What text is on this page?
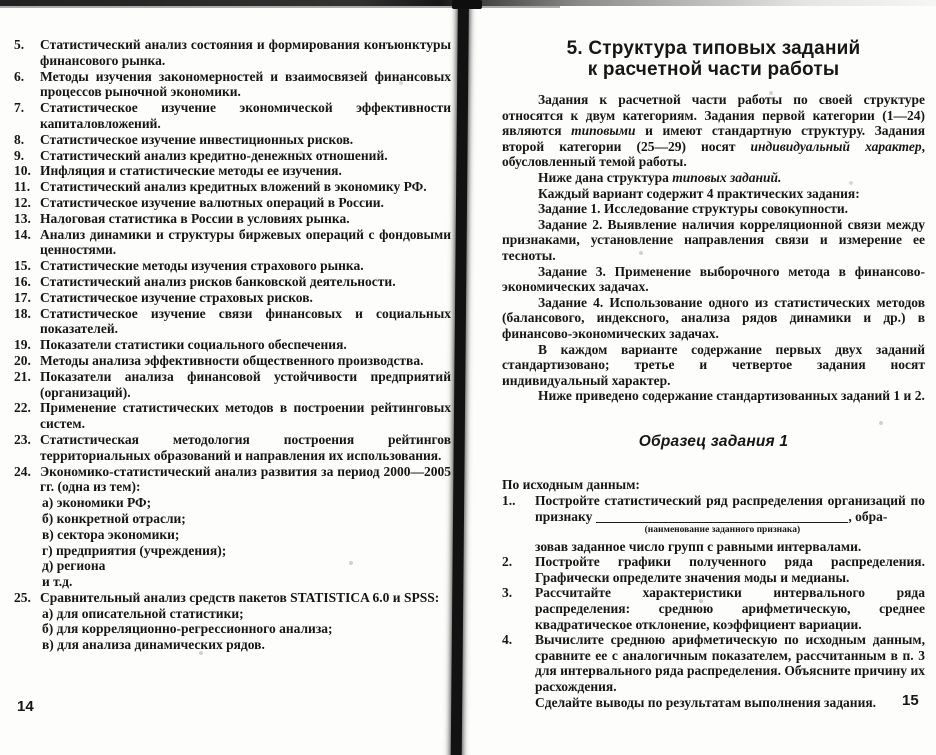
5.	Статистический анализ состояния и формирования конъюнктуры финансового рынка.
6.	Методы изучения закономерностей и взаимосвязей финансовых процессов рыночной экономики.
7.	Статистическое изучение экономической эффективности капиталовложений.
8.	Статистическое изучение инвестиционных рисков.
9.	Статистический анализ кредитно-денежных отношений.
10. Инфляция и статистические методы ее изучения.
11. Статистический анализ кредитных вложений в экономику РФ.
12. Статистическое изучение валютных операций в России.
13. Налоговая статистика в России в условиях рынка.
14. Анализ динамики и структуры биржевых операций с фондовыми ценностями.
15. Статистические методы изучения страхового рынка.
16. Статистический анализ рисков банковской деятельности.
17. Статистическое изучение страховых рисков.
18. Статистическое изучение связи финансовых и социальных показателей.
19. Показатели статистики социального обеспечения.
20. Методы анализа эффективности общественного производства.
21. Показатели анализа финансовой устойчивости предприятий (организаций).
22. Применение статистических методов в построении рейтинговых систем.
23. Статистическая методология построения рейтингов территориальных образований и направления их использования.
24. Экономико-статистический анализ развития за период 2000—2005 гг. (одна из тем):
а) экономики РФ;
б) конкретной отрасли;
в) сектора экономики;
г) предприятия (учреждения);
д) региона
и т.д.
25. Сравнительный анализ средств пакетов STATISTICA 6.0 и SPSS:
а) для описательной статистики;
б) для корреляционно-регрессионного анализа;
в) для анализа динамических рядов.
5. Структура типовых заданий
к расчетной части работы

Задания к расчетной части работы по своей структуре относятся к двум категориям. Задания первой категории (1—24) являются типовыми и имеют стандартную структуру. Задания второй категории (25—29) носят индивидуальный характер, обусловленный темой работы.

Ниже дана структура типовых заданий.

Каждый вариант содержит 4 практических задания:

Задание 1. Исследование структуры совокупности.

Задание 2. Выявление наличия корреляционной связи между признаками, установление направления связи и измерение ее тесноты.

Задание 3. Применение выборочного метода в финансово-экономических задачах.

Задание 4. Использование одного из статистических методов (балансового, индексного, анализа рядов динамики и др.) в финансово-экономических задачах.

В каждом варианте содержание первых двух заданий стандартизовано; третье и четвертое задания носят индивидуальный характер.

Ниже приведено содержание стандартизованных заданий 1 и 2.

Образец задания 1

По исходным данным:

1..	Постройте статистический ряд распределения организаций по признаку
(наименование заданного признака)
, обра-
зовав заданное число групп с равными интервалами.
2.	Постройте графики полученного ряда распределения. Графически определите значения моды и медианы.
3.	Рассчитайте характеристики интервального ряда распределения: среднюю арифметическую, среднее квадратическое отклонение, коэффициент вариации.
4.	Вычислите среднюю арифметическую по исходным данным, сравните ее с аналогичным показателем, рассчитанным в п. 3 для интервального ряда распределения. Объясните причину их расхождения.
Сделайте выводы по результатам выполнения задания.
14	15
